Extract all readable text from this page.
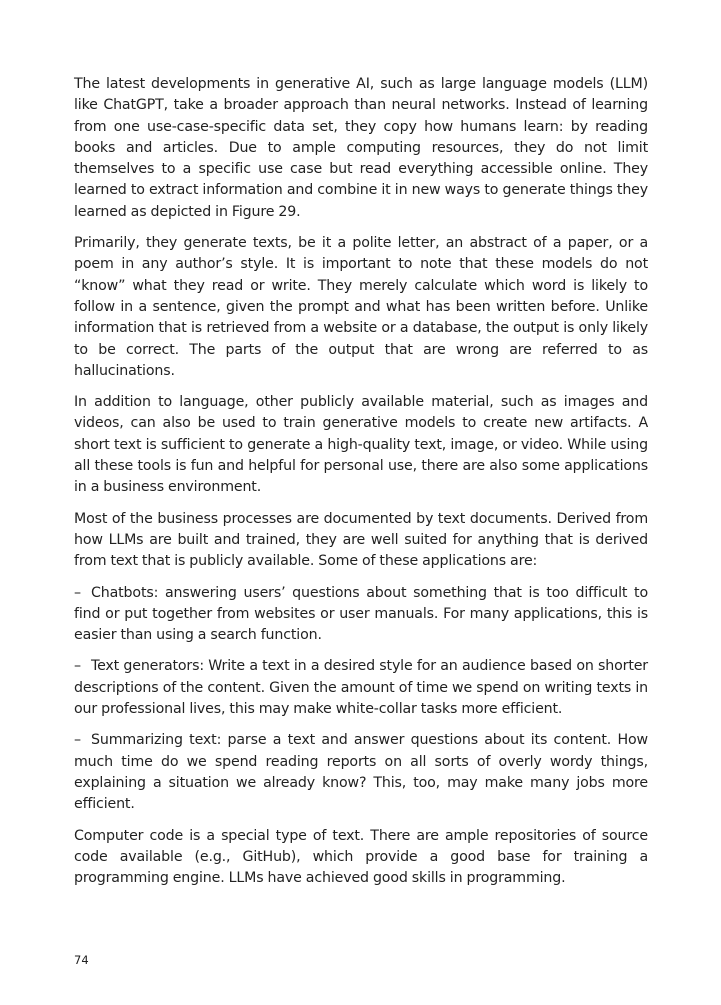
The latest developments in generative AI, such as large language models (LLM) like ChatGPT, take a broader approach than neural networks. Instead of learning from one use-case-specific data set, they copy how humans learn: by reading books and articles. Due to ample computing resources, they do not limit themselves to a specific use case but read everything accessible online. They learned to extract information and combine it in new ways to generate things they learned as depicted in Figure 29.

Primarily, they generate texts, be it a polite letter, an abstract of a paper, or a poem in any author’s style. It is important to note that these models do not “know” what they read or write. They merely calculate which word is likely to follow in a sentence, given the prompt and what has been written before. Unlike information that is retrieved from a website or a database, the output is only likely to be correct. The parts of the output that are wrong are referred to as hallucinations.

In addition to language, other publicly available material, such as images and videos, can also be used to train generative models to create new artifacts. A short text is sufficient to generate a high-quality text, image, or video. While using all these tools is fun and helpful for personal use, there are also some applications in a business environment.

Most of the business processes are documented by text documents. Derived from how LLMs are built and trained, they are well suited for anything that is derived from text that is publicly available. Some of these applications are:

– Chatbots: answering users’ questions about something that is too difficult to find or put together from websites or user manuals. For many applications, this is easier than using a search function.

– Text generators: Write a text in a desired style for an audience based on shorter descriptions of the content. Given the amount of time we spend on writing texts in our professional lives, this may make white-collar tasks more efficient.

– Summarizing text: parse a text and answer questions about its content. How much time do we spend reading reports on all sorts of overly wordy things, explaining a situation we already know? This, too, may make many jobs more efficient.

Computer code is a special type of text. There are ample repositories of source code available (e.g., GitHub), which provide a good base for training a programming engine. LLMs have achieved good skills in programming.

74
